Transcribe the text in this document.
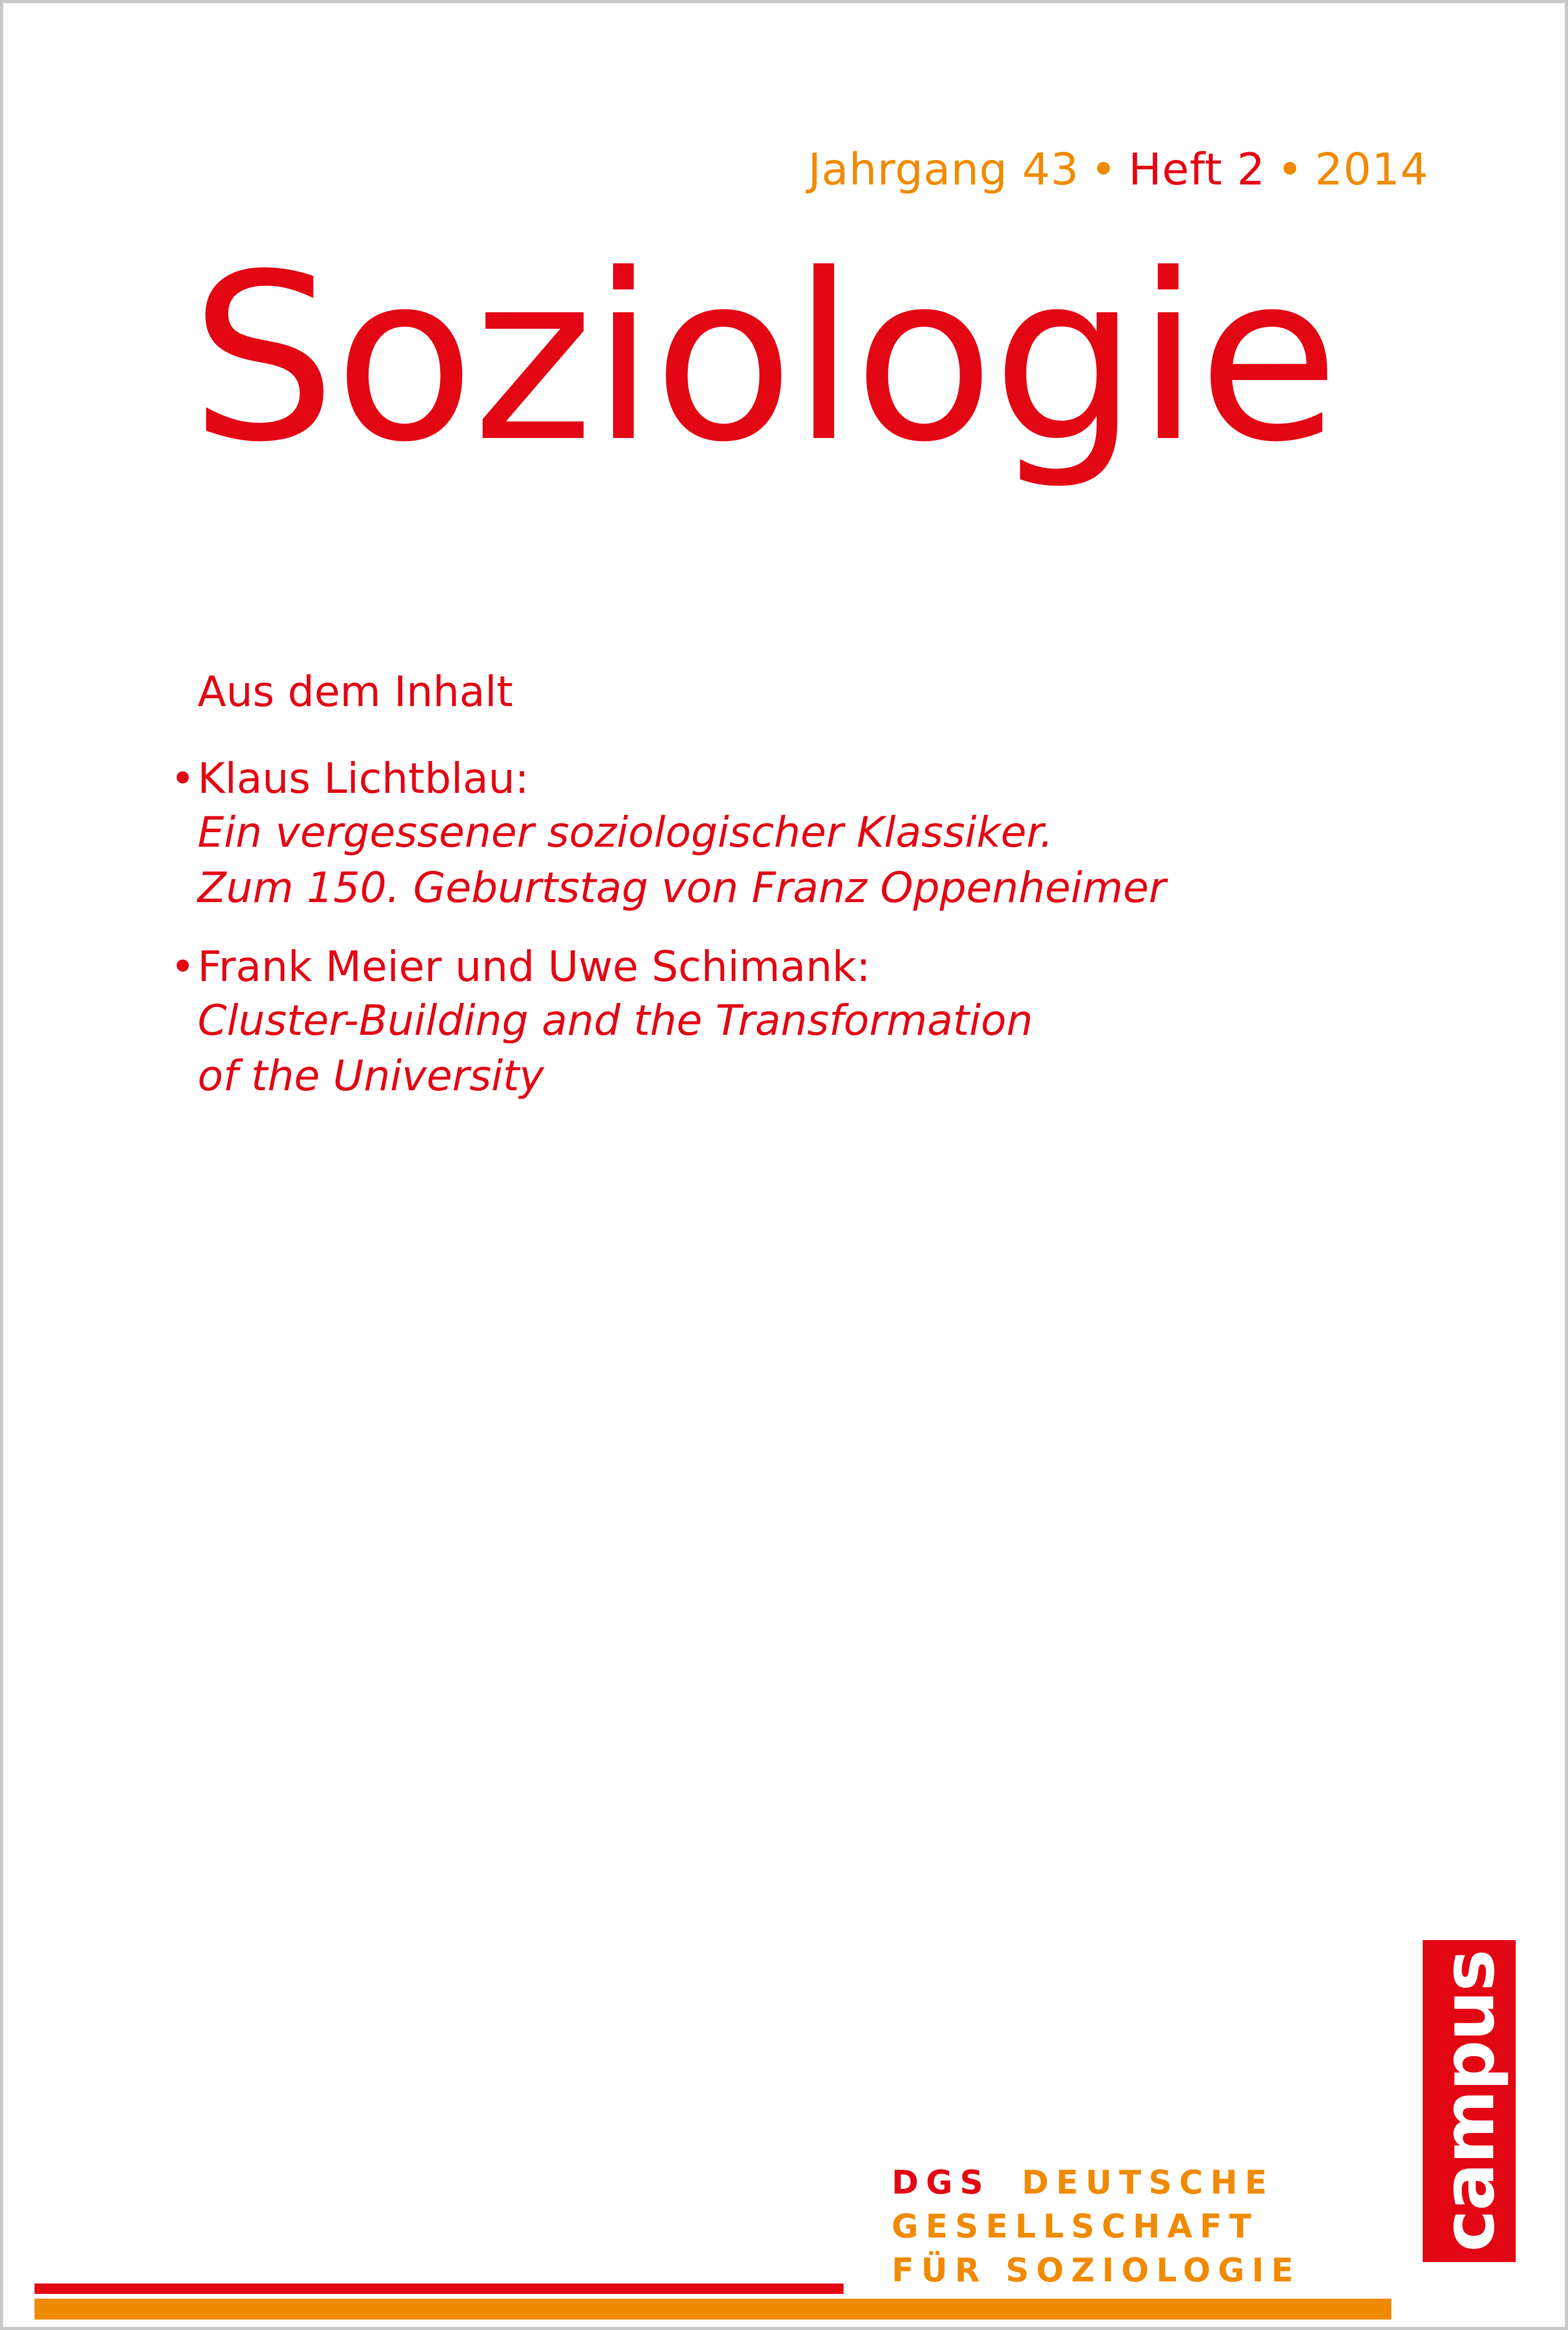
Jahrgang 43 • Heft 2 • 2014
Soziologie
Aus dem Inhalt
• Klaus Lichtblau:
Ein vergessener soziologischer Klassiker.
Zum 150. Geburtstag von Franz Oppenheimer
• Frank Meier und Uwe Schimank:
Cluster-Building and the Transformation
of the University
campus
DGS DEUTSCHE
GESELLSCHAFT
FÜR SOZIOLOGIE
